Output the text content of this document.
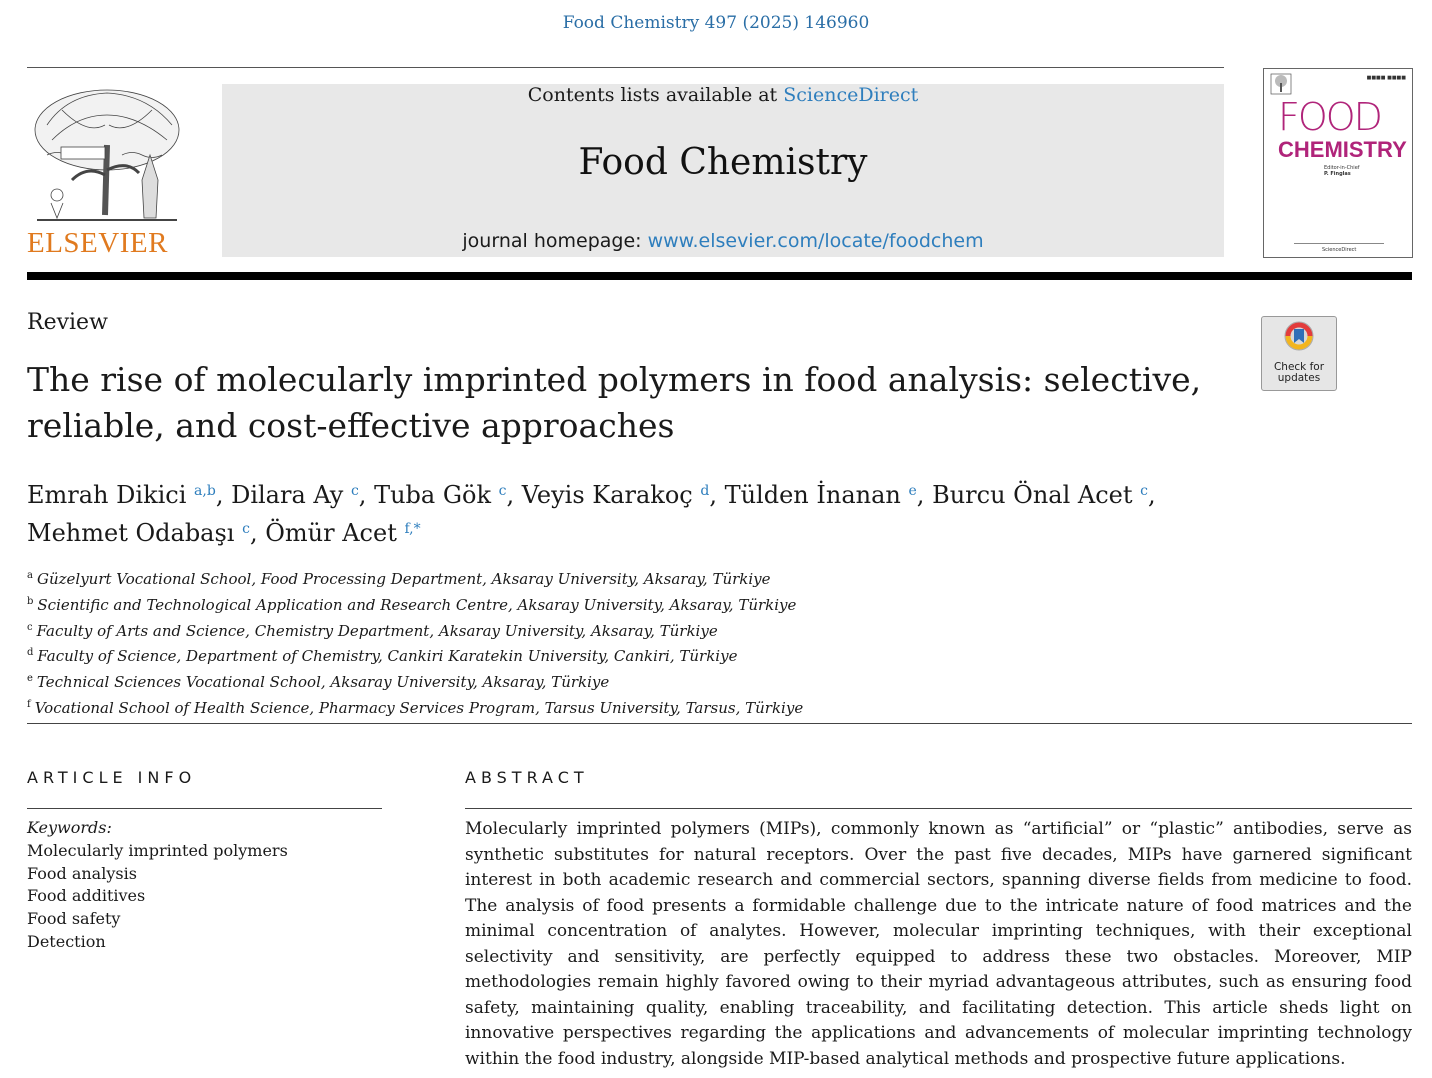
Food Chemistry 497 (2025) 146960
ELSEVIER
Contents lists available at ScienceDirect
Food Chemistry
journal homepage: www.elsevier.com/locate/foodchem
■■■■ ■■■■
FOOD
CHEMISTRY
Editor-in-Chief
P. Finglas
ScienceDirect
Review
The rise of molecularly imprinted polymers in food analysis: selective, reliable, and cost-effective approaches
Check for
updates
Emrah Dikici $^{a,b}$, Dilara Ay $^c$, Tuba Gök $^c$, Veyis Karakoç $^d$, Tülden İnanan $^e$, Burcu Önal Acet $^c$,
Mehmet Odabaşı $^c$, Ömür Acet $^{f,*}$
$^a$ Güzelyurt Vocational School, Food Processing Department, Aksaray University, Aksaray, Türkiye
$^b$ Scientific and Technological Application and Research Centre, Aksaray University, Aksaray, Türkiye
$^c$ Faculty of Arts and Science, Chemistry Department, Aksaray University, Aksaray, Türkiye
$^d$ Faculty of Science, Department of Chemistry, Cankiri Karatekin University, Cankiri, Türkiye
$^e$ Technical Sciences Vocational School, Aksaray University, Aksaray, Türkiye
$^f$ Vocational School of Health Science, Pharmacy Services Program, Tarsus University, Tarsus, Türkiye
ARTICLE INFO
Keywords:
Molecularly imprinted polymers
Food analysis
Food additives
Food safety
Detection
ABSTRACT
Molecularly imprinted polymers (MIPs), commonly known as “artificial” or “plastic” antibodies, serve as synthetic substitutes for natural receptors. Over the past five decades, MIPs have garnered significant interest in both academic research and commercial sectors, spanning diverse fields from medicine to food. The analysis of food presents a formidable challenge due to the intricate nature of food matrices and the minimal concentration of analytes. However, molecular imprinting techniques, with their exceptional selectivity and sensitivity, are perfectly equipped to address these two obstacles. Moreover, MIP methodologies remain highly favored owing to their myriad advantageous attributes, such as ensuring food safety, maintaining quality, enabling traceability, and facilitating detection. This article sheds light on innovative perspectives regarding the applications and advancements of molecular imprinting technology within the food industry, alongside MIP-based analytical methods and prospective future applications.
